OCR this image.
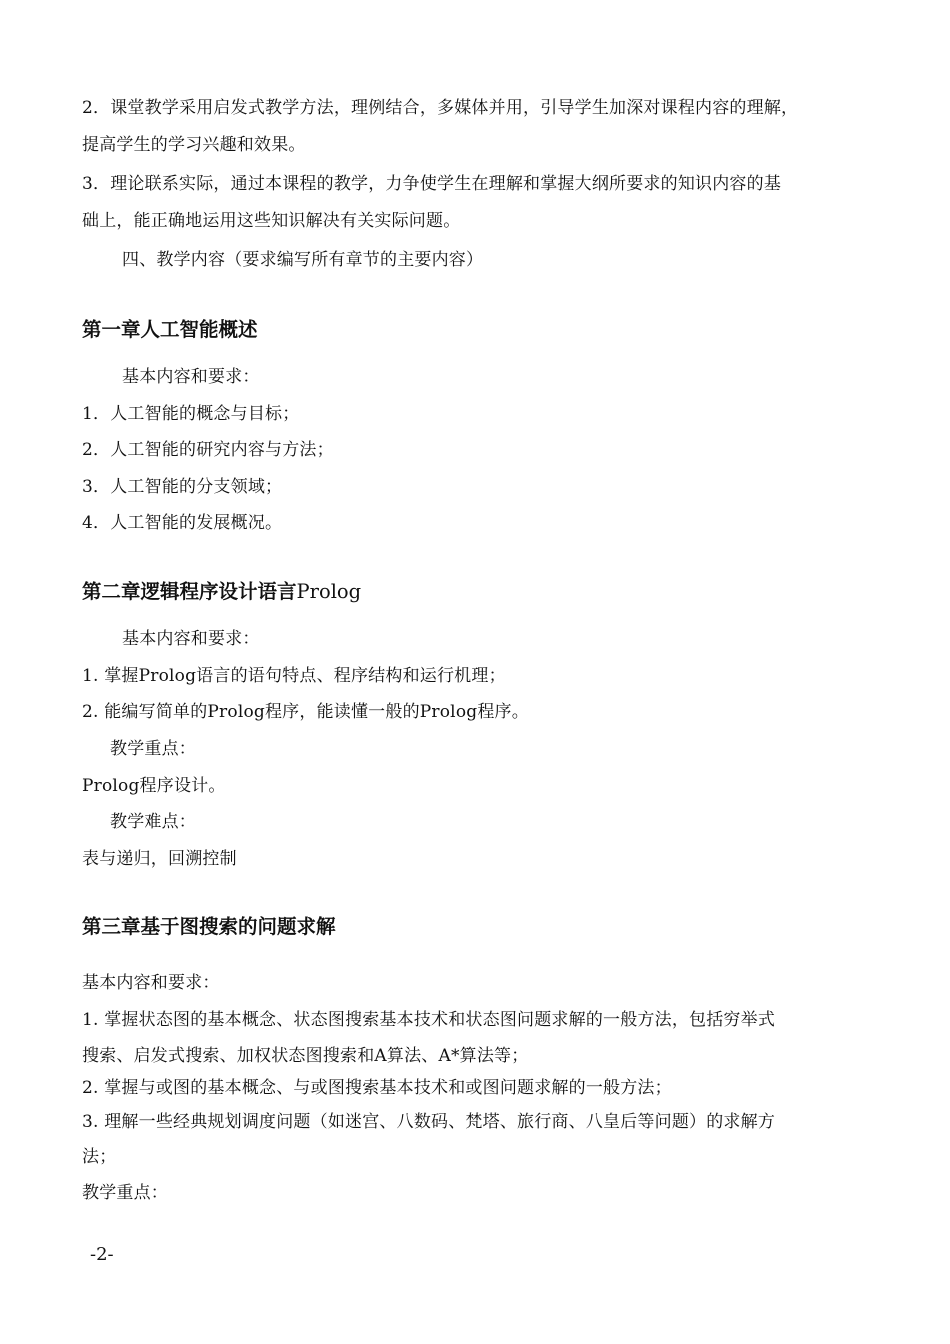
2．课堂教学采用启发式教学方法，理例结合，多媒体并用，引导学生加深对课程内容的理解，
提高学生的学习兴趣和效果。
3．理论联系实际，通过本课程的教学，力争使学生在理解和掌握大纲所要求的知识内容的基
础上，能正确地运用这些知识解决有关实际问题。
四、教学内容（要求编写所有章节的主要内容）
第一章人工智能概述
基本内容和要求：
1．人工智能的概念与目标；
2．人工智能的研究内容与方法；
3．人工智能的分支领域；
4．人工智能的发展概况。
第二章逻辑程序设计语言Prolog
基本内容和要求：
1. 掌握Prolog语言的语句特点、程序结构和运行机理；
2. 能编写简单的Prolog程序，能读懂一般的Prolog程序。
教学重点：
Prolog程序设计。
教学难点：
表与递归，回溯控制
第三章基于图搜索的问题求解
基本内容和要求：
1. 掌握状态图的基本概念、状态图搜索基本技术和状态图问题求解的一般方法，包括穷举式
搜索、启发式搜索、加权状态图搜索和A算法、A*算法等；
2. 掌握与或图的基本概念、与或图搜索基本技术和或图问题求解的一般方法；
3. 理解一些经典规划调度问题（如迷宫、八数码、梵塔、旅行商、八皇后等问题）的求解方
法；
教学重点：
-2-
